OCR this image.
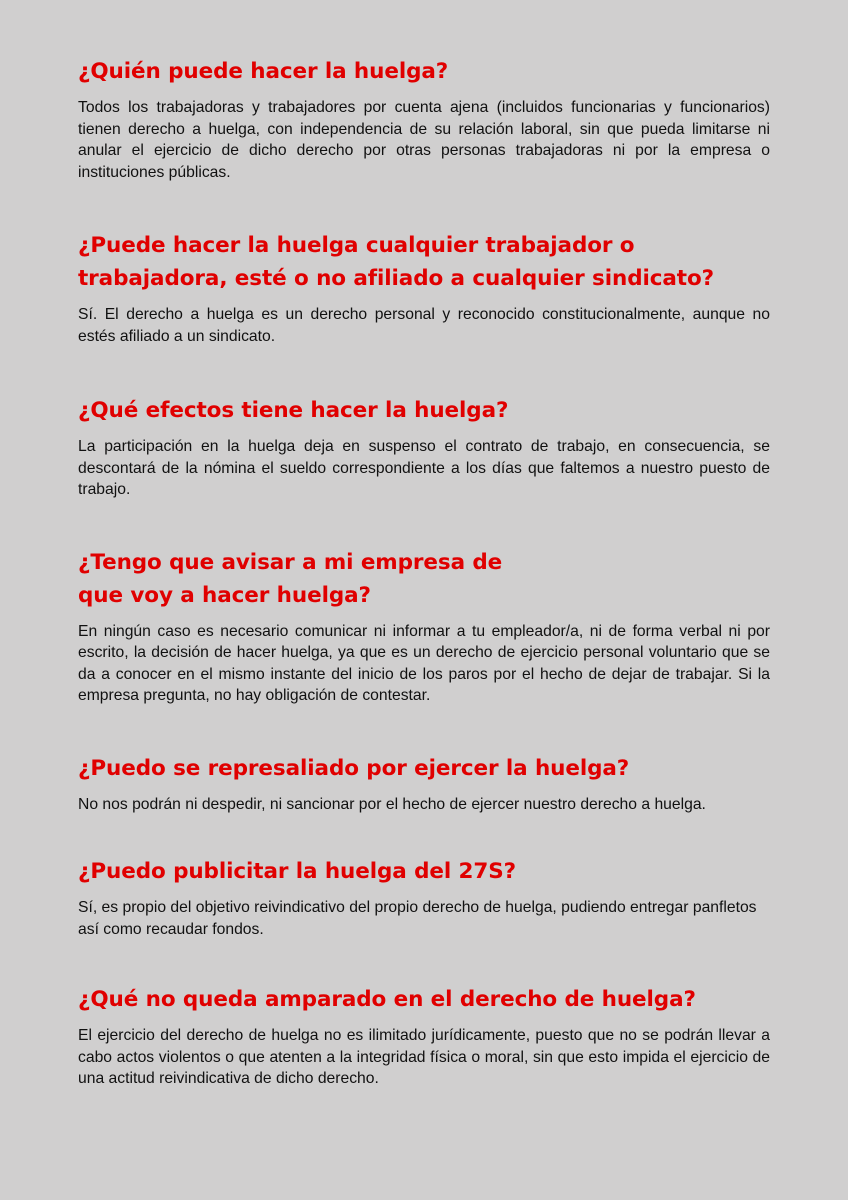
¿Quién puede hacer la huelga?

Todos los trabajadoras y trabajadores por cuenta ajena (incluidos funcionarias y funcionarios) tienen derecho a huelga, con independencia de su relación laboral, sin que pueda limitarse ni anular el ejercicio de dicho derecho por otras personas trabajadoras ni por la empresa o instituciones públicas.

¿Puede hacer la huelga cualquier trabajador o
trabajadora, esté o no afiliado a cualquier sindicato?

Sí. El derecho a huelga es un derecho personal y reconocido constitucionalmente, aunque no estés afiliado a un sindicato.

¿Qué efectos tiene hacer la huelga?

La participación en la huelga deja en suspenso el contrato de trabajo, en consecuencia, se descontará de la nómina el sueldo correspondiente a los días que faltemos a nuestro puesto de trabajo.

¿Tengo que avisar a mi empresa de
que voy a hacer huelga?

En ningún caso es necesario comunicar ni informar a tu empleador/a, ni de forma verbal ni por escrito, la decisión de hacer huelga, ya que es un derecho de ejercicio personal voluntario que se da a conocer en el mismo instante del inicio de los paros por el hecho de dejar de trabajar. Si la empresa pregunta, no hay obligación de contestar.

¿Puedo se represaliado por ejercer la huelga?

No nos podrán ni despedir, ni sancionar por el hecho de ejercer nuestro derecho a huelga.

¿Puedo publicitar la huelga del 27S?

Sí, es propio del objetivo reivindicativo del propio derecho de huelga, pudiendo entregar panfletos así como recaudar fondos.

¿Qué no queda amparado en el derecho de huelga?

El ejercicio del derecho de huelga no es ilimitado jurídicamente, puesto que no se podrán llevar a cabo actos violentos o que atenten a la integridad física o moral, sin que esto impida el ejercicio de una actitud reivindicativa de dicho derecho.
